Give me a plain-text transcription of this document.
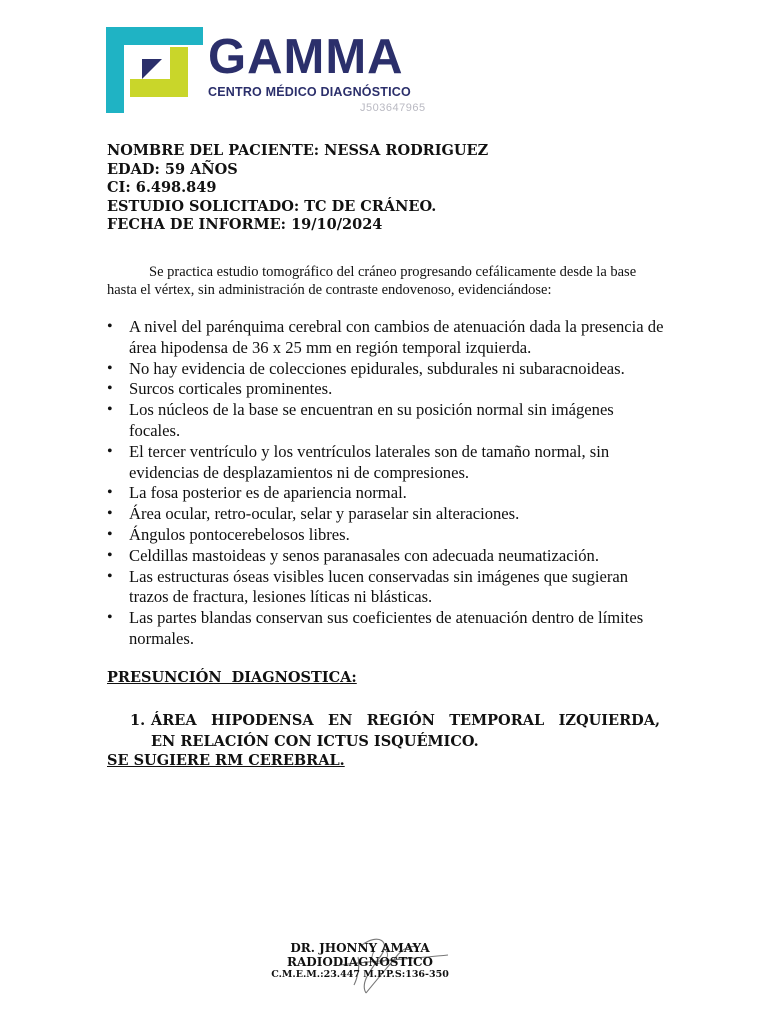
GAMMA
CENTRO MÉDICO DIAGNÓSTICO
J503647965
NOMBRE DEL PACIENTE: NESSA RODRIGUEZ
EDAD: 59 AÑOS
CI: 6.498.849
ESTUDIO SOLICITADO: TC DE CRÁNEO.
FECHA DE INFORME: 19/10/2024
Se practica estudio tomográfico del cráneo progresando cefálicamente desde la base hasta el vértex, sin administración de contraste endovenoso, evidenciándose:
• A nivel del parénquima cerebral con cambios de atenuación dada la presencia de área hipodensa de 36 x 25 mm en región temporal izquierda.
• No hay evidencia de colecciones epidurales, subdurales ni subaracnoideas.
• Surcos corticales prominentes.
• Los núcleos de la base se encuentran en su posición normal sin imágenes focales.
• El tercer ventrículo y los ventrículos laterales son de tamaño normal, sin evidencias de desplazamientos ni de compresiones.
• La fosa posterior es de apariencia normal.
• Área ocular, retro-ocular, selar y paraselar sin alteraciones.
• Ángulos pontocerebelosos libres.
• Celdillas mastoideas y senos paranasales con adecuada neumatización.
• Las estructuras óseas visibles lucen conservadas sin imágenes que sugieran trazos de fractura, lesiones líticas ni blásticas.
• Las partes blandas conservan sus coeficientes de atenuación dentro de límites normales.
PRESUNCIÓN  DIAGNOSTICA:
1. ÁREA HIPODENSA EN REGIÓN TEMPORAL IZQUIERDA,
EN RELACIÓN CON ICTUS ISQUÉMICO.
SE SUGIERE RM CEREBRAL.
DR. JHONNY AMAYA
RADIODIAGNOSTICO
C.M.E.M.:23.447 M.P.P.S:136-350
